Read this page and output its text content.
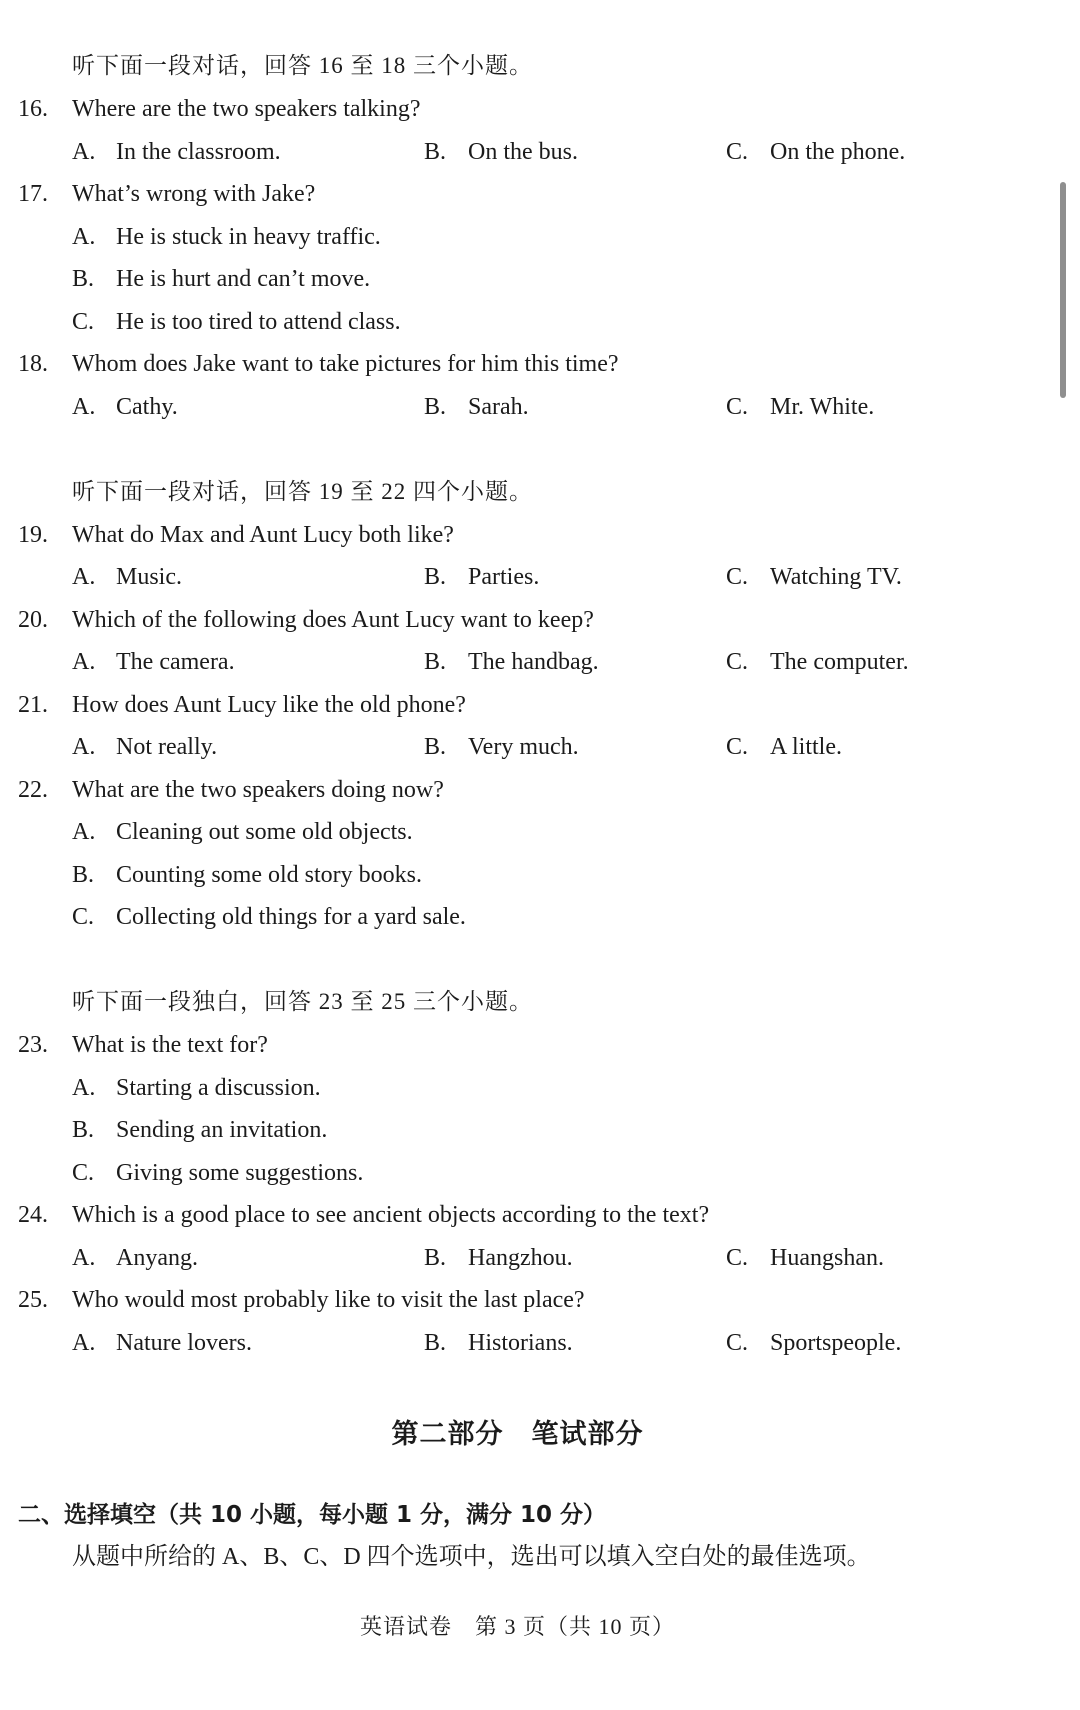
听下面一段对话，回答 16 至 18 三个小题。
16. Where are the two speakers talking?
A. In the classroom.	B. On the bus.	C. On the phone.
17. What’s wrong with Jake?
A. He is stuck in heavy traffic.
B. He is hurt and can’t move.
C. He is too tired to attend class.
18. Whom does Jake want to take pictures for him this time?
A. Cathy.	B. Sarah.	C. Mr. White.
听下面一段对话，回答 19 至 22 四个小题。
19. What do Max and Aunt Lucy both like?
A. Music.	B. Parties.	C. Watching TV.
20. Which of the following does Aunt Lucy want to keep?
A. The camera.	B. The handbag.	C. The computer.
21. How does Aunt Lucy like the old phone?
A. Not really.	B. Very much.	C. A little.
22. What are the two speakers doing now?
A. Cleaning out some old objects.
B. Counting some old story books.
C. Collecting old things for a yard sale.
听下面一段独白，回答 23 至 25 三个小题。
23. What is the text for?
A. Starting a discussion.
B. Sending an invitation.
C. Giving some suggestions.
24. Which is a good place to see ancient objects according to the text?
A. Anyang.	B. Hangzhou.	C. Huangshan.
25. Who would most probably like to visit the last place?
A. Nature lovers.	B. Historians.	C. Sportspeople.
第二部分　笔试部分
二、选择填空（共 10 小题，每小题 1 分，满分 10 分）
从题中所给的 A、B、C、D 四个选项中，选出可以填入空白处的最佳选项。
英语试卷　第 3 页（共 10 页）
